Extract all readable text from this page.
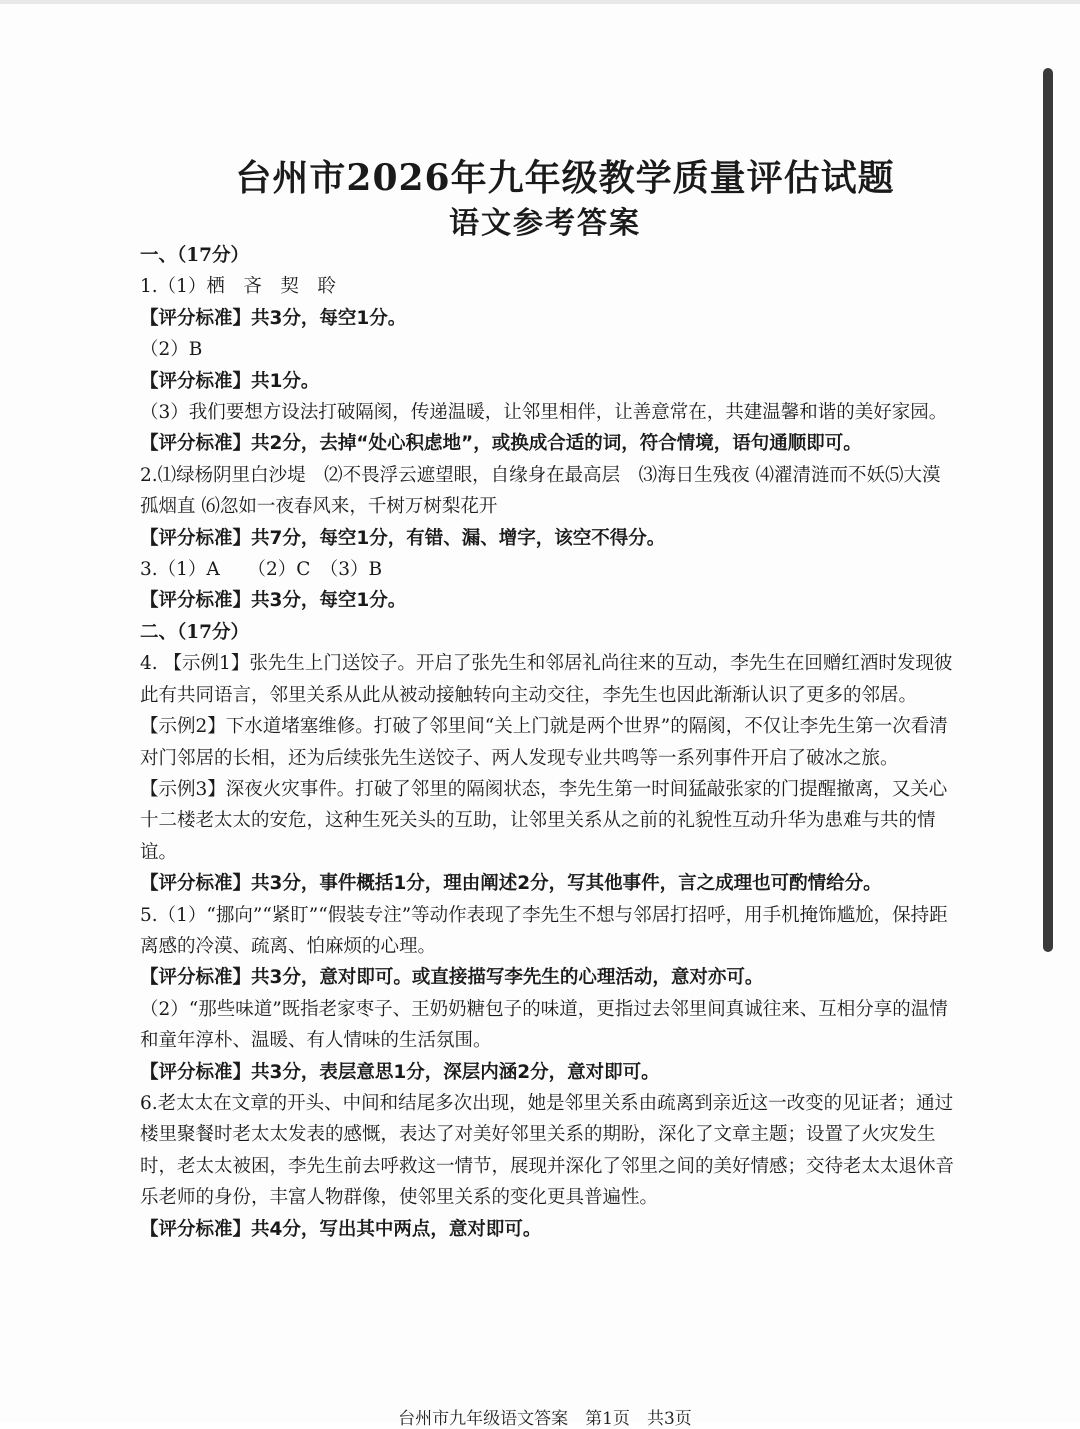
台州市2026年九年级教学质量评估试题
语文参考答案

一、（17分）

1.（1）栖　吝　契　聆

【评分标准】共3分，每空1分。

（2）B

【评分标准】共1分。

（3）我们要想方设法打破隔阂，传递温暖，让邻里相伴，让善意常在，共建温馨和谐的美好家园。

【评分标准】共2分，去掉“处心积虑地”，或换成合适的词，符合情境，语句通顺即可。

2.⑴绿杨阴里白沙堤　⑵不畏浮云遮望眼，自缘身在最高层　⑶海日生残夜 ⑷濯清涟而不妖⑸大漠孤烟直 ⑹忽如一夜春风来，千树万树梨花开

【评分标准】共7分，每空1分，有错、漏、增字，该空不得分。

3.（1）A　　（2）C　（3）B

【评分标准】共3分，每空1分。

二、（17分）

4. 【示例1】张先生上门送饺子。开启了张先生和邻居礼尚往来的互动，李先生在回赠红酒时发现彼此有共同语言，邻里关系从此从被动接触转向主动交往，李先生也因此渐渐认识了更多的邻居。

【示例2】下水道堵塞维修。打破了邻里间“关上门就是两个世界”的隔阂，不仅让李先生第一次看清对门邻居的长相，还为后续张先生送饺子、两人发现专业共鸣等一系列事件开启了破冰之旅。

【示例3】深夜火灾事件。打破了邻里的隔阂状态，李先生第一时间猛敲张家的门提醒撤离，又关心十二楼老太太的安危，这种生死关头的互助，让邻里关系从之前的礼貌性互动升华为患难与共的情谊。

【评分标准】共3分，事件概括1分，理由阐述2分，写其他事件，言之成理也可酌情给分。

5.（1）“挪向”“紧盯”“假装专注”等动作表现了李先生不想与邻居打招呼，用手机掩饰尴尬，保持距离感的冷漠、疏离、怕麻烦的心理。

【评分标准】共3分，意对即可。或直接描写李先生的心理活动，意对亦可。

（2）“那些味道”既指老家枣子、王奶奶糖包子的味道，更指过去邻里间真诚往来、互相分享的温情和童年淳朴、温暖、有人情味的生活氛围。

【评分标准】共3分，表层意思1分，深层内涵2分，意对即可。

6.老太太在文章的开头、中间和结尾多次出现，她是邻里关系由疏离到亲近这一改变的见证者；通过楼里聚餐时老太太发表的感慨，表达了对美好邻里关系的期盼，深化了文章主题；设置了火灾发生时，老太太被困，李先生前去呼救这一情节，展现并深化了邻里之间的美好情感；交待老太太退休音乐老师的身份，丰富人物群像，使邻里关系的变化更具普遍性。

【评分标准】共4分，写出其中两点，意对即可。

台州市九年级语文答案　第1页　共3页
